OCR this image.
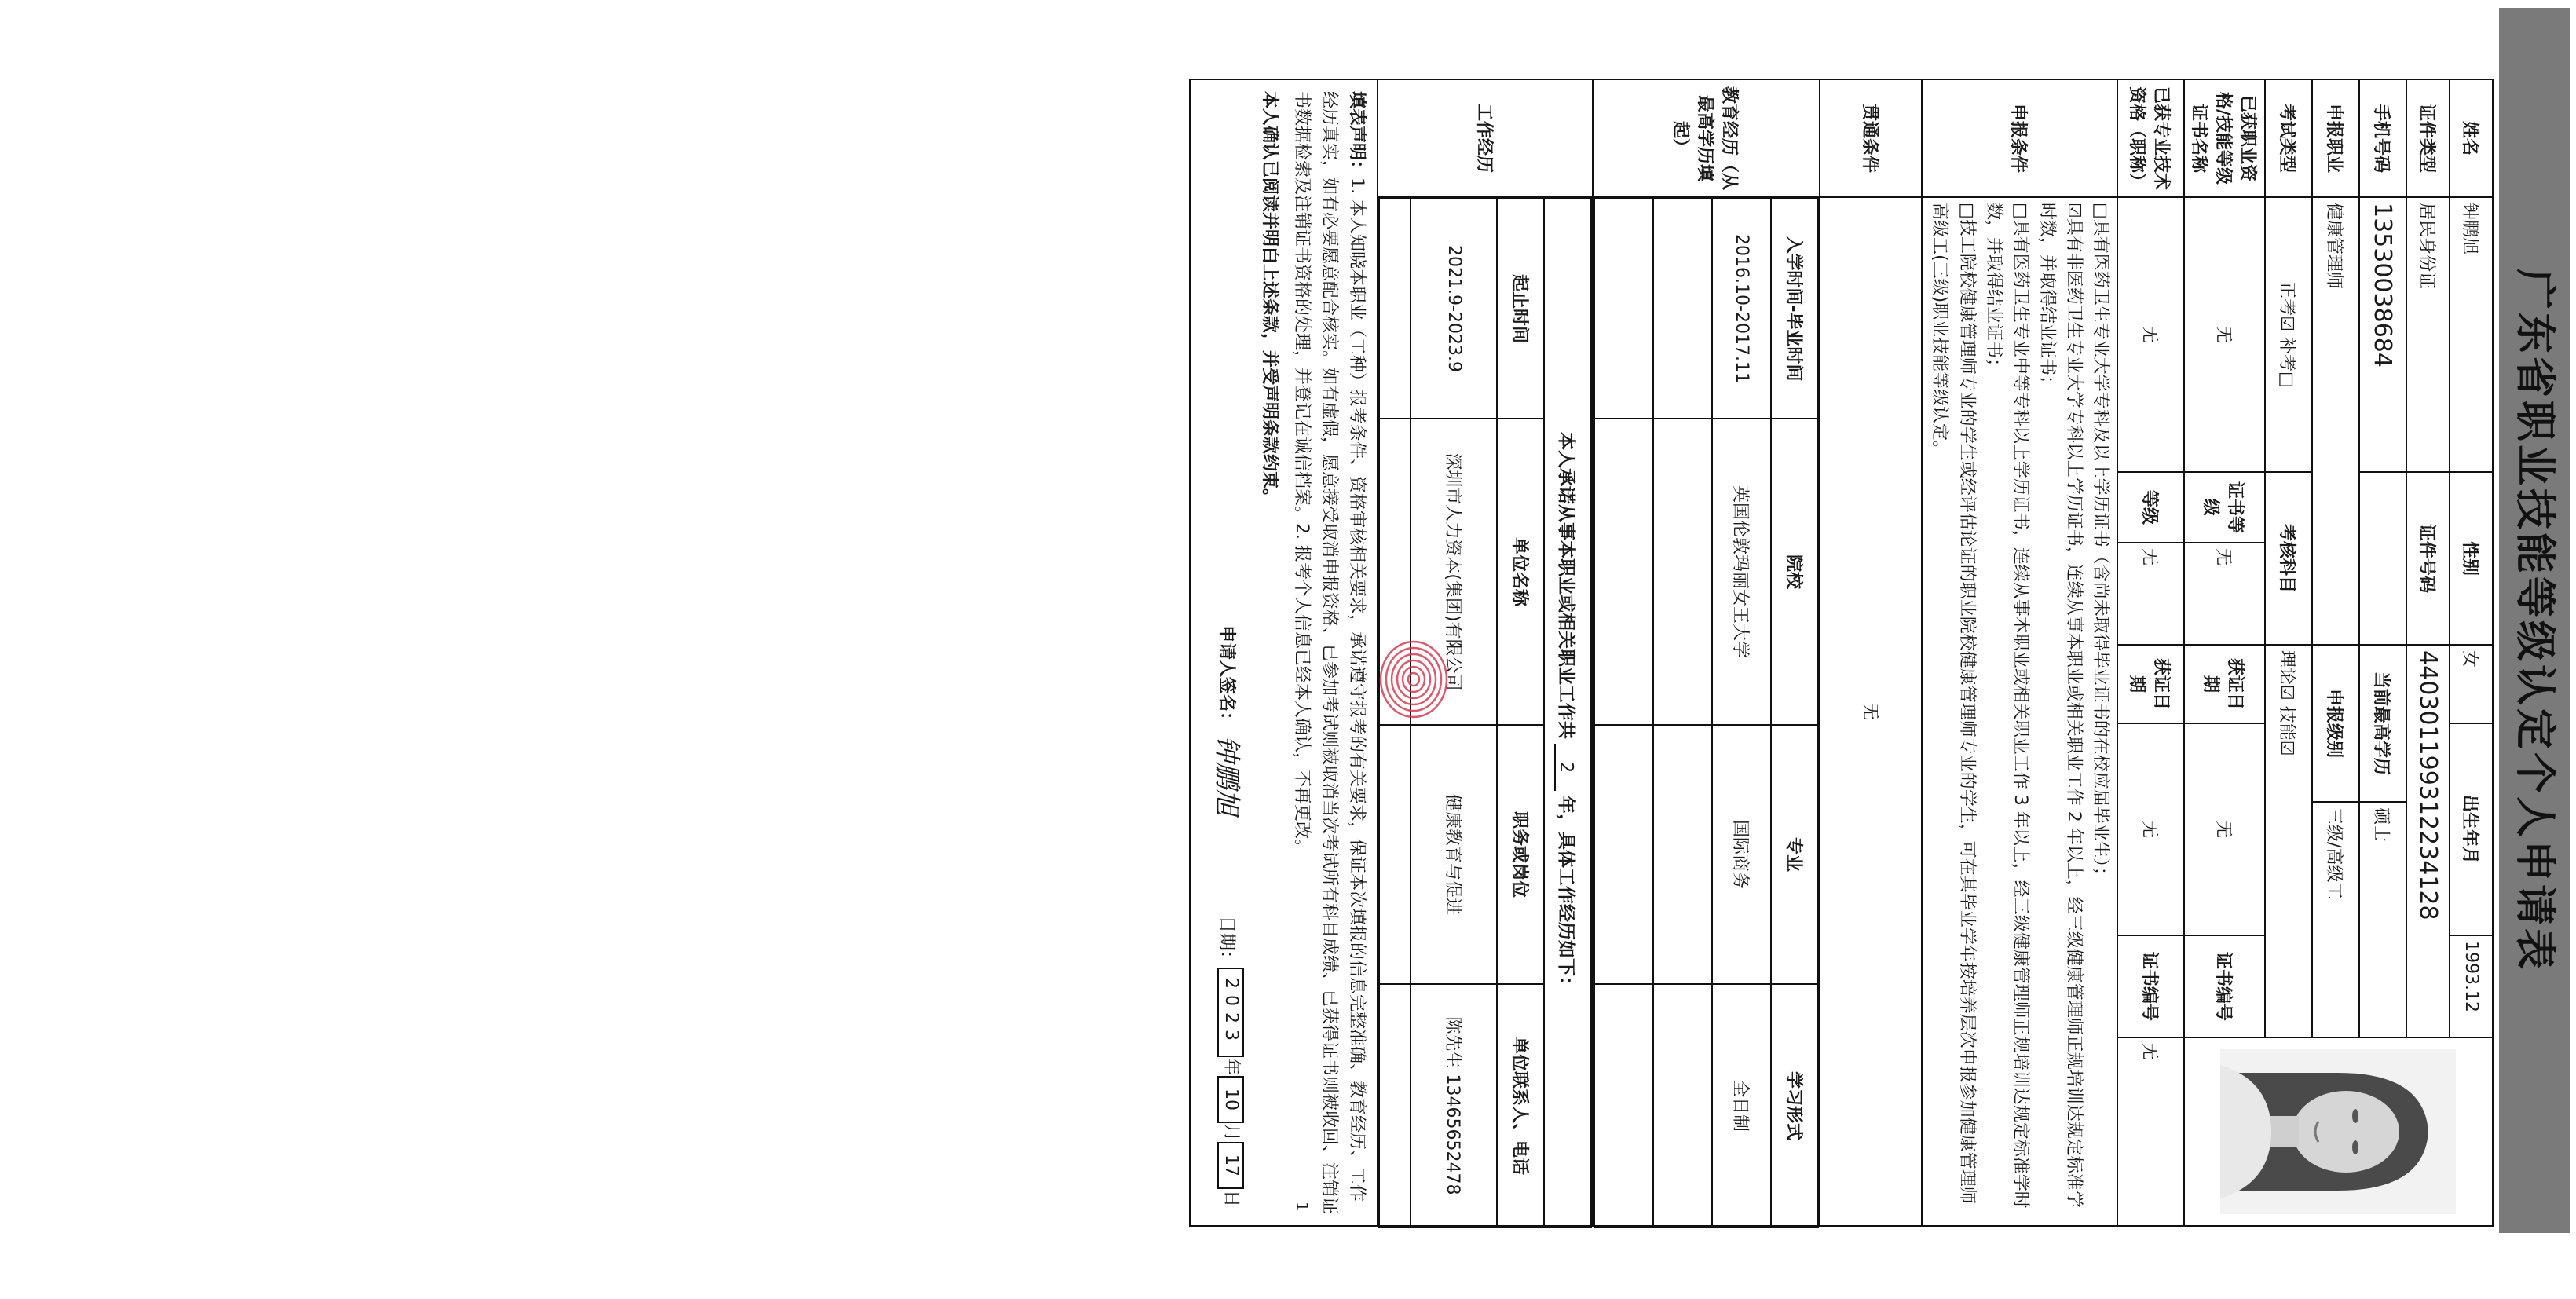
广东省职业技能等级认定个人申请表
姓名	钟鹏旭	性别	女	出生年月	1993.12	

证件类型	居民身份证	证件号码	440301199312234128
手机号码	13530038684		当前最高学历	硕士
申报职业	健康管理师	申报级别	三级/高级工
考试类型	正考☑ 补考□	考核科目	理论☑ 技能☑
已获职业资格/技能等级证书名称	无	证书等级	无	获证日期	无	证书编号
已获专业技术资格（职称）	无	等级	无	获证日期	无	证书编号	无
申报条件	
□具有医药卫生专业大学专科及以上学历证书（含尚未取得毕业证书的在校应届毕业生）；
☑具有非医药卫生专业大学专科以上学历证书，连续从事本职业或相关职业工作 2 年以上，经三级健康管理师正规培训达规定标准学时数，并取得结业证书；
□具有医药卫生专业中等专科以上学历证书，连续从事本职业或相关职业工作 3 年以上，经三级健康管理师正规培训达规定标准学时数，并取得结业证书；
□技工院校健康管理师专业的学生或经评估论证的职业院校健康管理师专业的学生，可在其毕业学年按培养层次申报参加健康管理师高级工(三级)职业技能等级认定。

贯通条件	无
教育经历（从最高学历填起）	
入学时间-毕业时间	院校	专业	学习形式
2016.10-2017.11	英国伦敦玛丽女王大学	国际商务	全日制

工作经历	
本人承诺从事本职业或相关职业工作共2年，具体工作经历如下：
起止时间	单位名称	职务或岗位	单位联系人、电话
2021.9-2023.9	深圳市人力资本(集团)有限公司	健康教育与促进	陈先生 13465652478

填表声明：1. 本人知晓本职业（工种）报考条件、资格审核相关要求，承诺遵守报考的有关要求，保证本次填报的信息完整准确、教育经历、工作经历真实，如有必要愿意配合核实。如有虚假，愿意接受取消申报资格、已参加考试则被取消当次考试所有科目成绩、已获得证书则被收回、注销证书数据检索及注销证书资格的处理，并登记在诚信档案。2. 报考个人信息已经本人确认，不再更改。
本人确认已阅读并明白上述条款，并受声明条款约束。
申请人签名：
钟鹏旭
日期：
2023年10月17日	1
